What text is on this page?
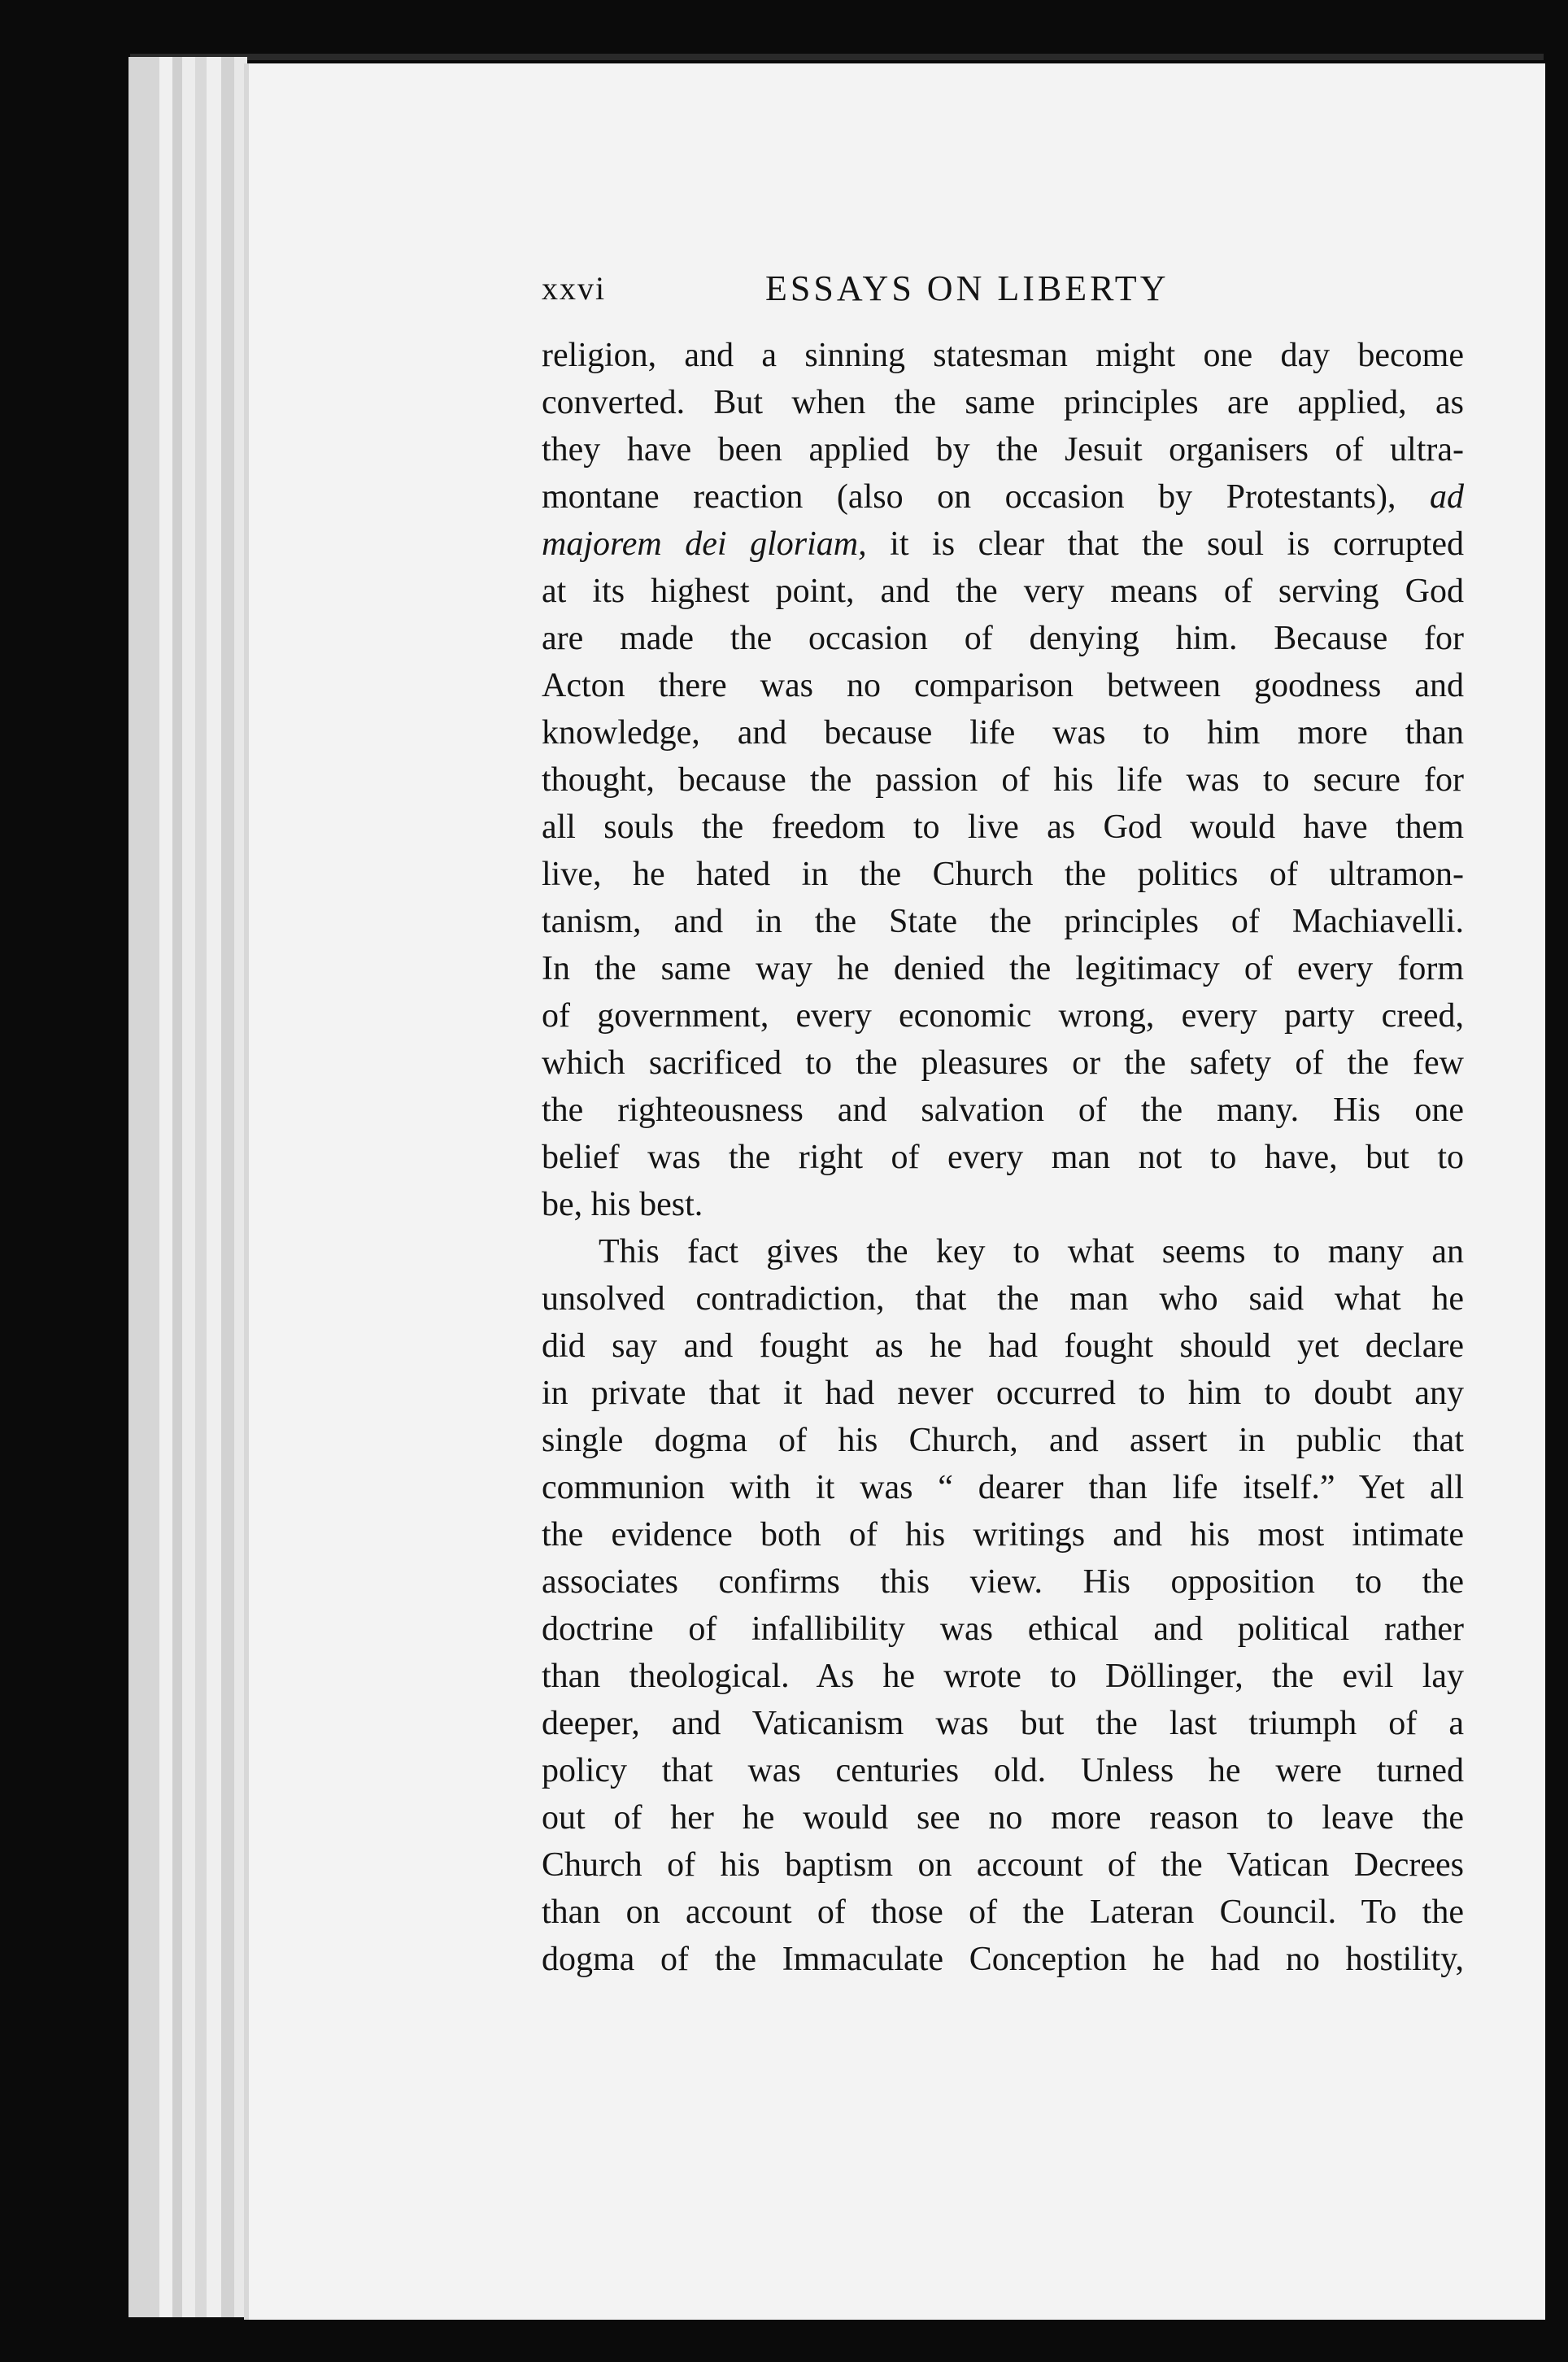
xxvi	ESSAYS ON LIBERTY
religion, and a sinning statesman might one day become
converted. But when the same principles are applied, as
they have been applied by the Jesuit organisers of ultra-
montane reaction (also on occasion by Protestants), ad
majorem dei gloriam, it is clear that the soul is corrupted
at its highest point, and the very means of serving God
are made the occasion of denying him. Because for
Acton there was no comparison between goodness and
knowledge, and because life was to him more than
thought, because the passion of his life was to secure for
all souls the freedom to live as God would have them
live, he hated in the Church the politics of ultramon-
tanism, and in the State the principles of Machiavelli.
In the same way he denied the legitimacy of every form
of government, every economic wrong, every party creed,
which sacrificed to the pleasures or the safety of the few
the righteousness and salvation of the many. His one
belief was the right of every man not to have, but to
be, his best.
This fact gives the key to what seems to many an
unsolved contradiction, that the man who said what he
did say and fought as he had fought should yet declare
in private that it had never occurred to him to doubt any
single dogma of his Church, and assert in public that
communion with it was “ dearer than life itself.” Yet all
the evidence both of his writings and his most intimate
associates confirms this view. His opposition to the
doctrine of infallibility was ethical and political rather
than theological. As he wrote to Döllinger, the evil lay
deeper, and Vaticanism was but the last triumph of a
policy that was centuries old. Unless he were turned
out of her he would see no more reason to leave the
Church of his baptism on account of the Vatican Decrees
than on account of those of the Lateran Council. To the
dogma of the Immaculate Conception he had no hostility,
